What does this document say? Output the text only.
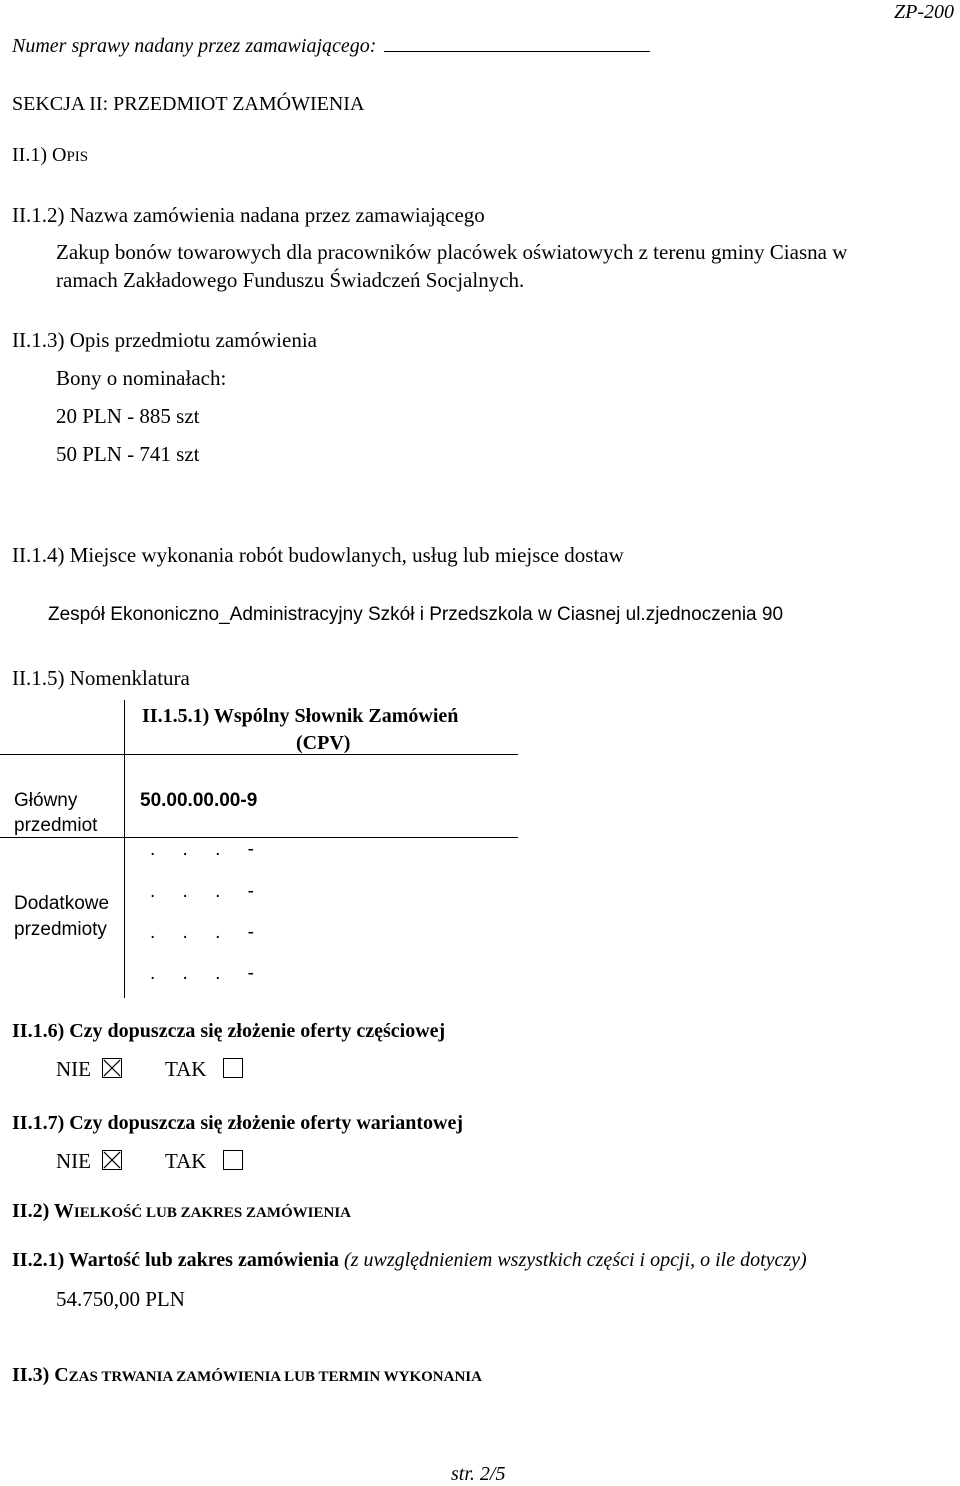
Numer sprawy nadany przez zamawiającego:
ZP-200
SEKCJA II: PRZEDMIOT ZAMÓWIENIA
II.1) OPIS
II.1.2) Nazwa zamówienia nadana przez zamawiającego
Zakup bonów towarowych dla pracowników placówek oświatowych z terenu gminy Ciasna w
ramach Zakładowego Funduszu Świadczeń Socjalnych.
II.1.3) Opis przedmiotu zamówienia
Bony o nominałach:
20 PLN - 885 szt
50 PLN - 741 szt
II.1.4) Miejsce wykonania robót budowlanych, usług lub miejsce dostaw
Zespół Ekononiczno_Administracyjny Szkół i Przedszkola w Ciasnej ul.zjednoczenia 90
II.1.5) Nomenklatura
II.1.5.1) Wspólny Słownik Zamówień
(CPV)
Główny
przedmiot
50.00.00.00-9
Dodatkowe
przedmioty
. . . -
. . . -
. . . -
. . . -
II.1.6) Czy dopuszcza się złożenie oferty częściowej
NIE	TAK
II.1.7) Czy dopuszcza się złożenie oferty wariantowej
NIE	TAK
II.2) WIELKOŚĆ LUB ZAKRES ZAMÓWIENIA
II.2.1) Wartość lub zakres zamówienia (z uwzględnieniem wszystkich części i opcji, o ile dotyczy)
54.750,00 PLN
II.3) CZAS TRWANIA ZAMÓWIENIA LUB TERMIN WYKONANIA
str. 2/5
